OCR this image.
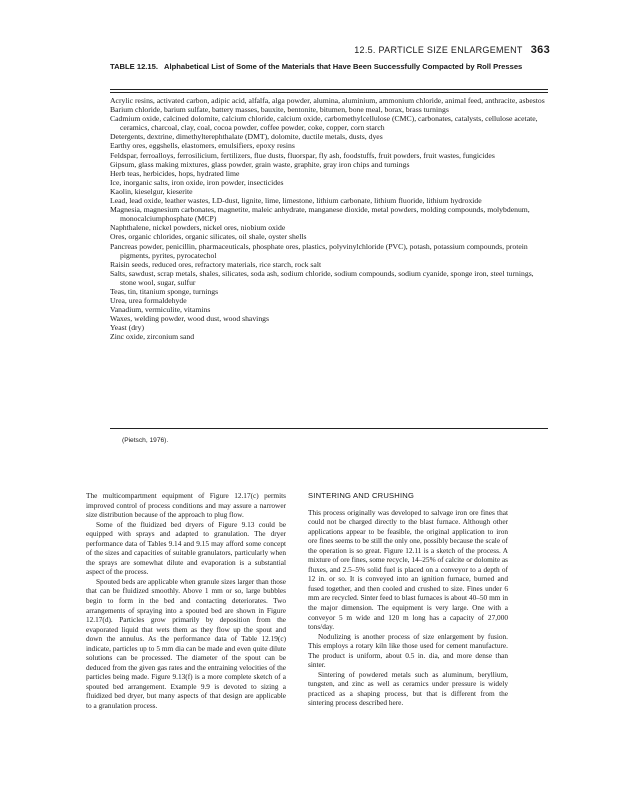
12.5. PARTICLE SIZE ENLARGEMENT 363
TABLE 12.15. Alphabetical List of Some of the Materials that Have Been Successfully Compacted by Roll Presses
Acrylic resins, activated carbon, adipic acid, alfalfa, alga powder, alumina, aluminium, ammonium chloride, animal feed, anthracite, asbestos
Barium chloride, barium sulfate, battery masses, bauxite, bentonite, bitumen, bone meal, borax, brass turnings
Cadmium oxide, calcined dolomite, calcium chloride, calcium oxide, carbomethylcellulose (CMC), carbonates, catalysts, cellulose acetate, ceramics, charcoal, clay, coal, cocoa powder, coffee powder, coke, copper, corn starch
Detergents, dextrine, dimethylterephthalate (DMT), dolomite, ductile metals, dusts, dyes
Earthy ores, eggshells, elastomers, emulsifiers, epoxy resins
Feldspar, ferroalloys, ferrosilicium, fertilizers, flue dusts, fluorspar, fly ash, foodstuffs, fruit powders, fruit wastes, fungicides
Gipsum, glass making mixtures, glass powder, grain waste, graphite, gray iron chips and turnings
Herb teas, herbicides, hops, hydrated lime
Ice, inorganic salts, iron oxide, iron powder, insecticides
Kaolin, kieselgur, kieserite
Lead, lead oxide, leather wastes, LD-dust, lignite, lime, limestone, lithium carbonate, lithium fluoride, lithium hydroxide
Magnesia, magnesium carbonates, magnetite, maleic anhydrate, manganese dioxide, metal powders, molding compounds, molybdenum, monocalciumphosphate (MCP)
Naphthalene, nickel powders, nickel ores, niobium oxide
Ores, organic chlorides, organic silicates, oil shale, oyster shells
Pancreas powder, penicillin, pharmaceuticals, phosphate ores, plastics, polyvinylchloride (PVC), potash, potassium compounds, protein pigments, pyrites, pyrocatechol
Raisin seeds, reduced ores, refractory materials, rice starch, rock salt
Salts, sawdust, scrap metals, shales, silicates, soda ash, sodium chloride, sodium compounds, sodium cyanide, sponge iron, steel turnings, stone wool, sugar, sulfur
Teas, tin, titanium sponge, turnings
Urea, urea formaldehyde
Vanadium, vermiculite, vitamins
Waxes, welding powder, wood dust, wood shavings
Yeast (dry)
Zinc oxide, zirconium sand
(Pietsch, 1976).

The multicompartment equipment of Figure 12.17(c) permits improved control of process conditions and may assure a narrower size distribution because of the approach to plug flow.

Some of the fluidized bed dryers of Figure 9.13 could be equipped with sprays and adapted to granulation. The dryer performance data of Tables 9.14 and 9.15 may afford some concept of the sizes and capacities of suitable granulators, particularly when the sprays are somewhat dilute and evaporation is a substantial aspect of the process.

Spouted beds are applicable when granule sizes larger than those that can be fluidized smoothly. Above 1 mm or so, large bubbles begin to form in the bed and contacting deteriorates. Two arrangements of spraying into a spouted bed are shown in Figure 12.17(d). Particles grow primarily by deposition from the evaporated liquid that wets them as they flow up the spout and down the annulus. As the performance data of Table 12.19(c) indicate, particles up to 5 mm dia can be made and even quite dilute solutions can be processed. The diameter of the spout can be deduced from the given gas rates and the entraining velocities of the particles being made. Figure 9.13(f) is a more complete sketch of a spouted bed arrangement. Example 9.9 is devoted to sizing a fluidized bed dryer, but many aspects of that design are applicable to a granulation process.

SINTERING AND CRUSHING

This process originally was developed to salvage iron ore fines that could not be charged directly to the blast furnace. Although other applications appear to be feasible, the original application to iron ore fines seems to be still the only one, possibly because the scale of the operation is so great. Figure 12.11 is a sketch of the process. A mixture of ore fines, some recycle, 14–25% of calcite or dolomite as fluxes, and 2.5–5% solid fuel is placed on a conveyor to a depth of 12 in. or so. It is conveyed into an ignition furnace, burned and fused together, and then cooled and crushed to size. Fines under 6 mm are recycled. Sinter feed to blast furnaces is about 40–50 mm in the major dimension. The equipment is very large. One with a conveyor 5 m wide and 120 m long has a capacity of 27,000 tons/day.

Nodulizing is another process of size enlargement by fusion. This employs a rotary kiln like those used for cement manufacture. The product is uniform, about 0.5 in. dia, and more dense than sinter.

Sintering of powdered metals such as aluminum, beryllium, tungsten, and zinc as well as ceramics under pressure is widely practiced as a shaping process, but that is different from the sintering process described here.
